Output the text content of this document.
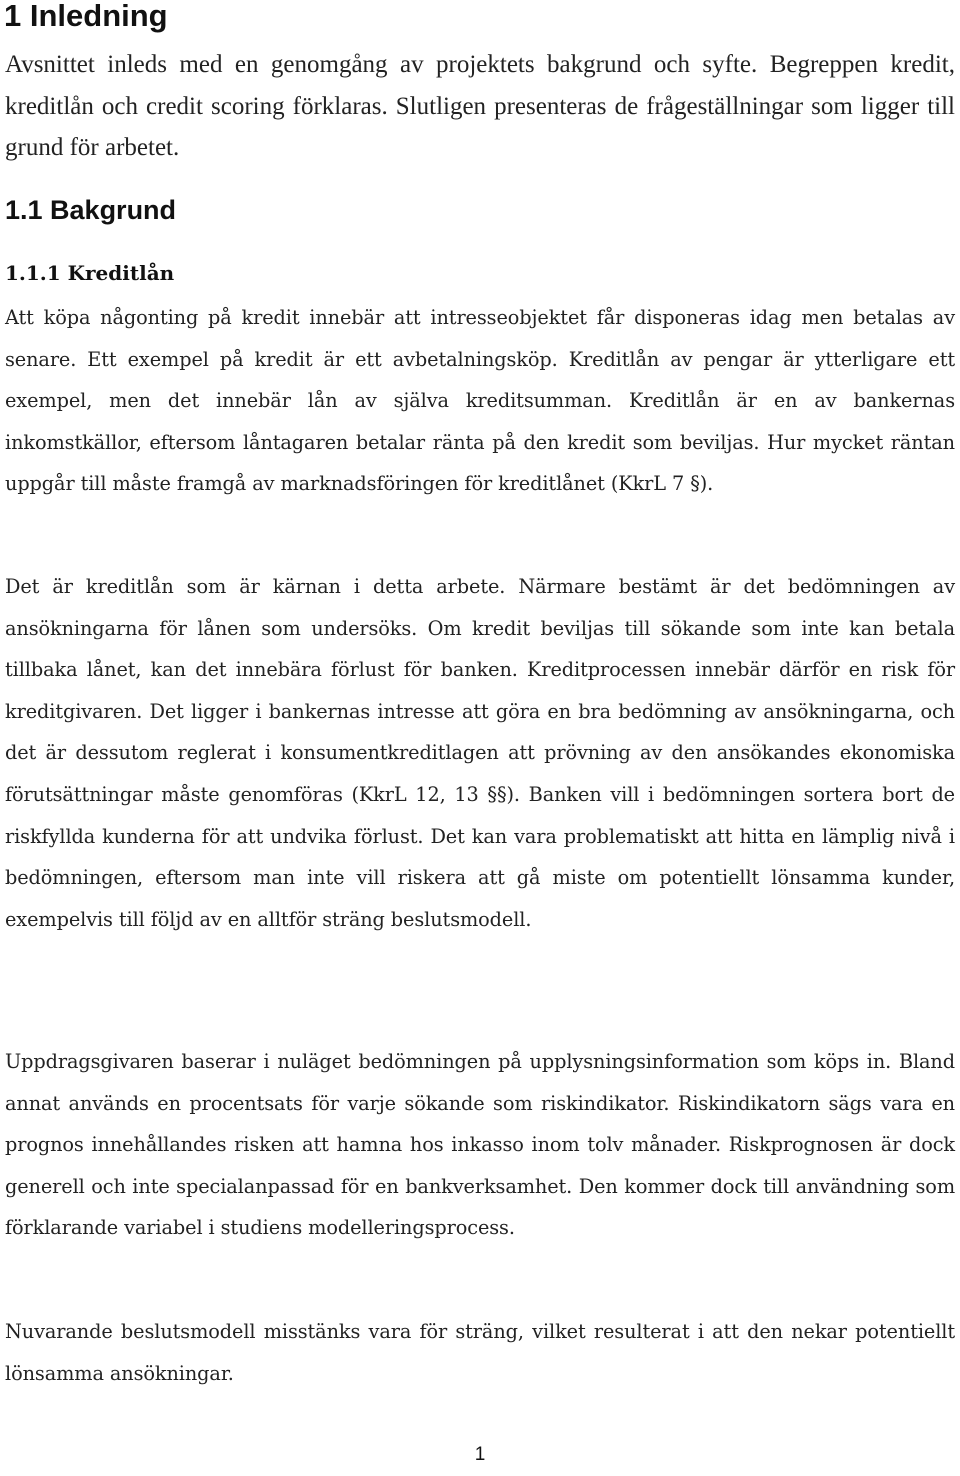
1 Inledning

Avsnittet inleds med en genomgång av projektets bakgrund och syfte. Begreppen kredit, kreditlån och credit scoring förklaras. Slutligen presenteras de frågeställningar som ligger till grund för arbetet.

1.1 Bakgrund
1.1.1 Kreditlån

Att köpa någonting på kredit innebär att intresseobjektet får disponeras idag men betalas av senare. Ett exempel på kredit är ett avbetalningsköp. Kreditlån av pengar är ytterligare ett exempel, men det innebär lån av själva kreditsumman. Kreditlån är en av bankernas inkomstkällor, eftersom låntagaren betalar ränta på den kredit som beviljas. Hur mycket räntan uppgår till måste framgå av marknadsföringen för kreditlånet (KkrL 7 §).

Det är kreditlån som är kärnan i detta arbete. Närmare bestämt är det bedömningen av ansökningarna för lånen som undersöks. Om kredit beviljas till sökande som inte kan betala tillbaka lånet, kan det innebära förlust för banken. Kreditprocessen innebär därför en risk för kreditgivaren. Det ligger i bankernas intresse att göra en bra bedömning av ansökningarna, och det är dessutom reglerat i konsumentkreditlagen att prövning av den ansökandes ekonomiska förutsättningar måste genomföras (KkrL 12, 13 §§). Banken vill i bedömningen sortera bort de riskfyllda kunderna för att undvika förlust. Det kan vara problematiskt att hitta en lämplig nivå i bedömningen, eftersom man inte vill riskera att gå miste om potentiellt lönsamma kunder, exempelvis till följd av en alltför sträng beslutsmodell.

Uppdragsgivaren baserar i nuläget bedömningen på upplysningsinformation som köps in. Bland annat används en procentsats för varje sökande som riskindikator. Riskindikatorn sägs vara en prognos innehållandes risken att hamna hos inkasso inom tolv månader. Riskprognosen är dock generell och inte specialanpassad för en bankverksamhet. Den kommer dock till användning som förklarande variabel i studiens modelleringsprocess.

Nuvarande beslutsmodell misstänks vara för sträng, vilket resulterat i att den nekar potentiellt lönsamma ansökningar.

1
